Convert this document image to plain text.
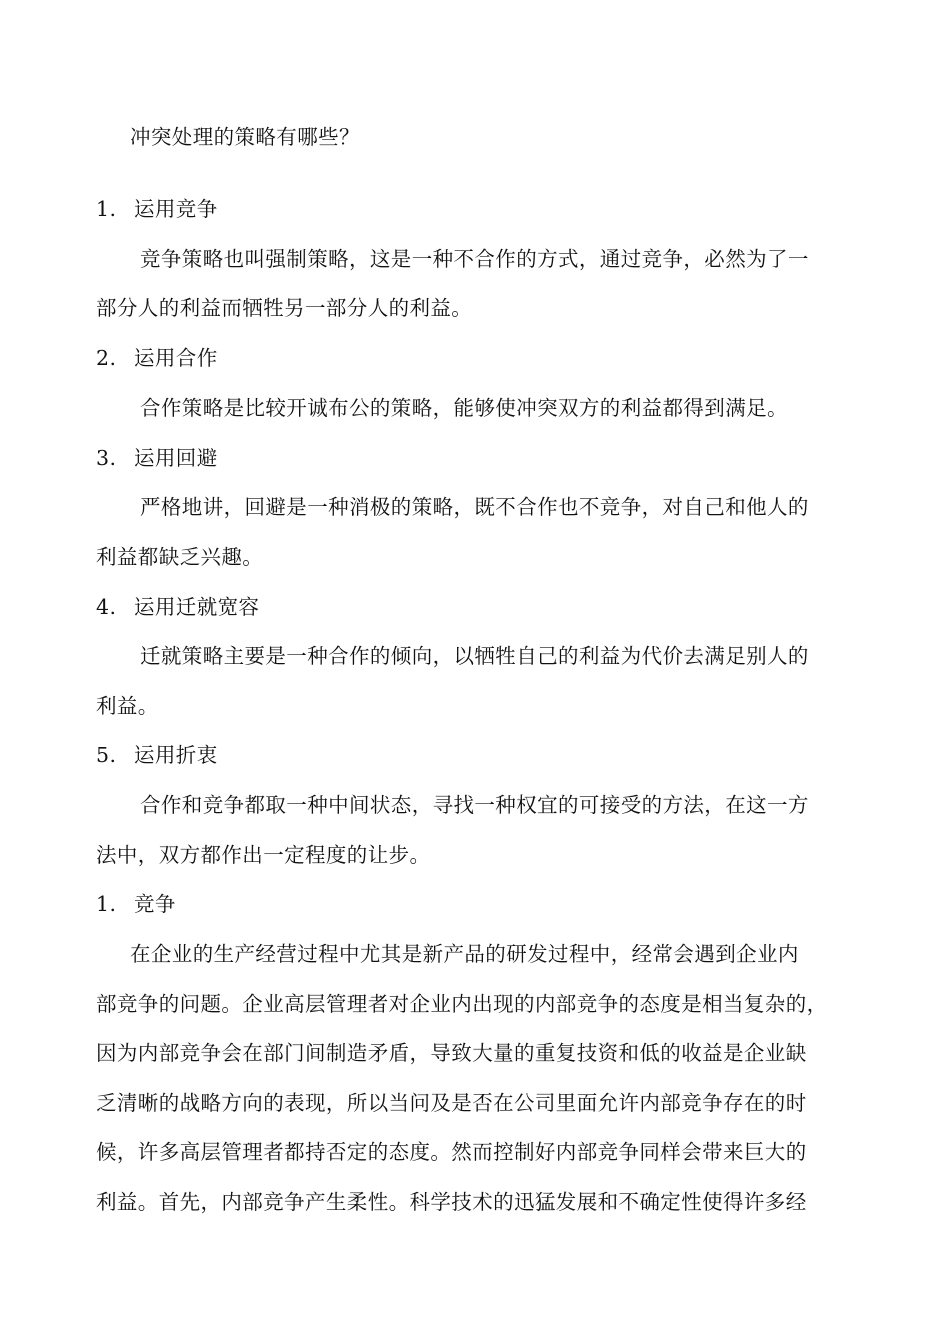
冲突处理的策略有哪些？
1. 运用竞争
竞争策略也叫强制策略，这是一种不合作的方式，通过竞争，必然为了一
部分人的利益而牺牲另一部分人的利益。
2. 运用合作
合作策略是比较开诚布公的策略，能够使冲突双方的利益都得到满足。
3. 运用回避
严格地讲，回避是一种消极的策略，既不合作也不竞争，对自己和他人的
利益都缺乏兴趣。
4. 运用迁就宽容
迁就策略主要是一种合作的倾向，以牺牲自己的利益为代价去满足别人的
利益。
5. 运用折衷
合作和竞争都取一种中间状态，寻找一种权宜的可接受的方法，在这一方
法中，双方都作出一定程度的让步。
1. 竞争
在企业的生产经营过程中尤其是新产品的研发过程中，经常会遇到企业内
部竞争的问题。企业高层管理者对企业内出现的内部竞争的态度是相当复杂的，
因为内部竞争会在部门间制造矛盾，导致大量的重复技资和低的收益是企业缺
乏清晰的战略方向的表现，所以当问及是否在公司里面允许内部竞争存在的时
候，许多高层管理者都持否定的态度。然而控制好内部竞争同样会带来巨大的
利益。首先，内部竞争产生柔性。科学技术的迅猛发展和不确定性使得许多经
